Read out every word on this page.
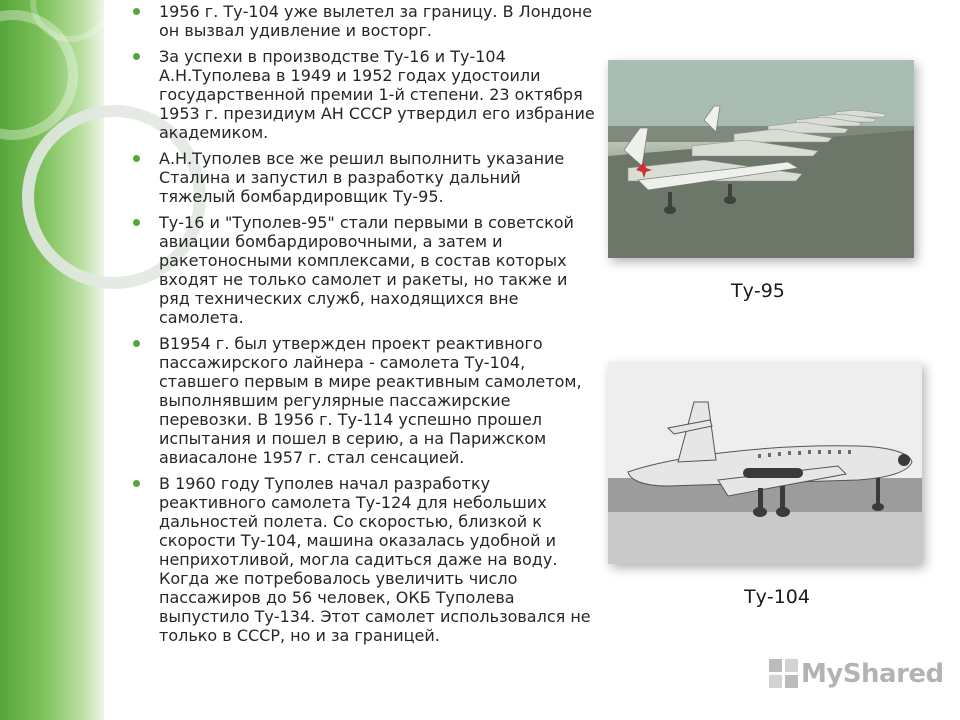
1956 г. Ту-104 уже вылетел за границу. В Лондоне он вызвал удивление и восторг.
За успехи в производстве Ту-16 и Ту-104 А.Н.Туполева в 1949 и 1952 годах удостоили государственной премии 1-й степени. 23 октября 1953 г. президиум АН СССР утвердил его избрание академиком.
А.Н.Туполев все же решил выполнить указание Сталина и запустил в разработку дальний тяжелый бомбардировщик Ту-95.
Ту-16 и "Туполев-95" стали первыми в советской авиации бомбардировочными, а затем и ракетоносными комплексами, в состав которых входят не только самолет и ракеты, но также и ряд технических служб, находящихся вне самолета.
В1954 г. был утвержден проект реактивного пассажирского лайнера - самолета Ту-104, ставшего первым в мире реактивным самолетом, выполнявшим регулярные пассажирские перевозки. В 1956 г. Ту-114 успешно прошел испытания и пошел в серию, а на Парижском авиасалоне 1957 г. стал сенсацией.
В 1960 году Туполев начал разработку реактивного самолета Ту-124 для небольших дальностей полета. Со скоростью, близкой к скорости Ту-104, машина оказалась удобной и неприхотливой, могла садиться даже на воду. Когда же потребовалось увеличить число пассажиров до 56 человек, ОКБ Туполева выпустило Ту-134. Этот самолет использовался не только в СССР, но и за границей.
Ту-95
Ту-104
MyShared
